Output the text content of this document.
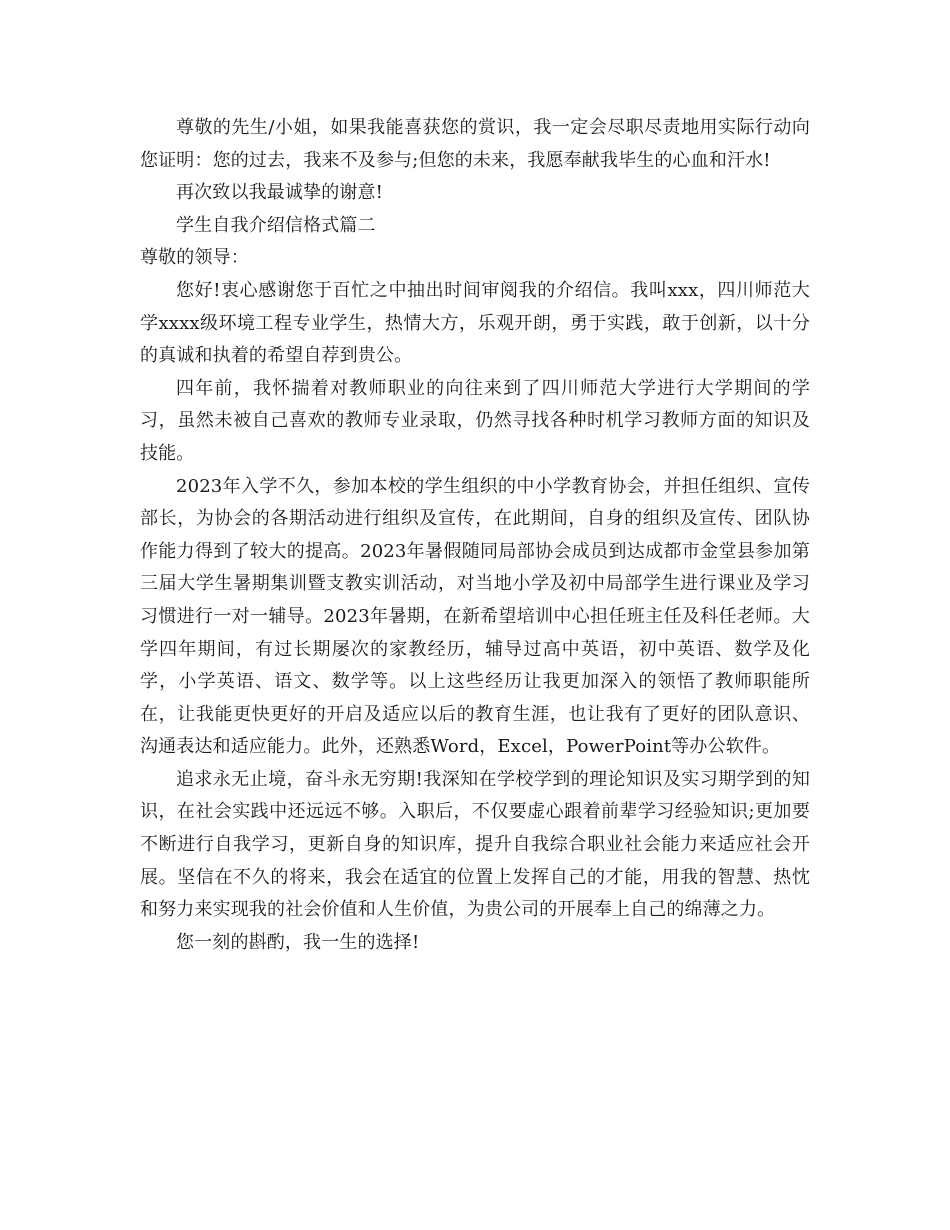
尊敬的先生/小姐，如果我能喜获您的赏识，我一定会尽职尽责地用实际行动向您证明：您的过去，我来不及参与;但您的未来，我愿奉献我毕生的心血和汗水!

再次致以我最诚挚的谢意!

学生自我介绍信格式篇二

尊敬的领导：

您好!衷心感谢您于百忙之中抽出时间审阅我的介绍信。我叫xxx，四川师范大学xxxx级环境工程专业学生，热情大方，乐观开朗，勇于实践，敢于创新，以十分的真诚和执着的希望自荐到贵公。

四年前，我怀揣着对教师职业的向往来到了四川师范大学进行大学期间的学习，虽然未被自己喜欢的教师专业录取，仍然寻找各种时机学习教师方面的知识及技能。

2023年入学不久，参加本校的学生组织的中小学教育协会，并担任组织、宣传部长，为协会的各期活动进行组织及宣传，在此期间，自身的组织及宣传、团队协作能力得到了较大的提高。2023年暑假随同局部协会成员到达成都市金堂县参加第三届大学生暑期集训暨支教实训活动，对当地小学及初中局部学生进行课业及学习习惯进行一对一辅导。2023年暑期，在新希望培训中心担任班主任及科任老师。大学四年期间，有过长期屡次的家教经历，辅导过高中英语，初中英语、数学及化学，小学英语、语文、数学等。以上这些经历让我更加深入的领悟了教师职能所在，让我能更快更好的开启及适应以后的教育生涯，也让我有了更好的团队意识、沟通表达和适应能力。此外，还熟悉Word，Excel，PowerPoint等办公软件。

追求永无止境，奋斗永无穷期!我深知在学校学到的理论知识及实习期学到的知识，在社会实践中还远远不够。入职后，不仅要虚心跟着前辈学习经验知识;更加要不断进行自我学习，更新自身的知识库，提升自我综合职业社会能力来适应社会开展。坚信在不久的将来，我会在适宜的位置上发挥自己的才能，用我的智慧、热忱和努力来实现我的社会价值和人生价值，为贵公司的开展奉上自己的绵薄之力。

您一刻的斟酌，我一生的选择!
